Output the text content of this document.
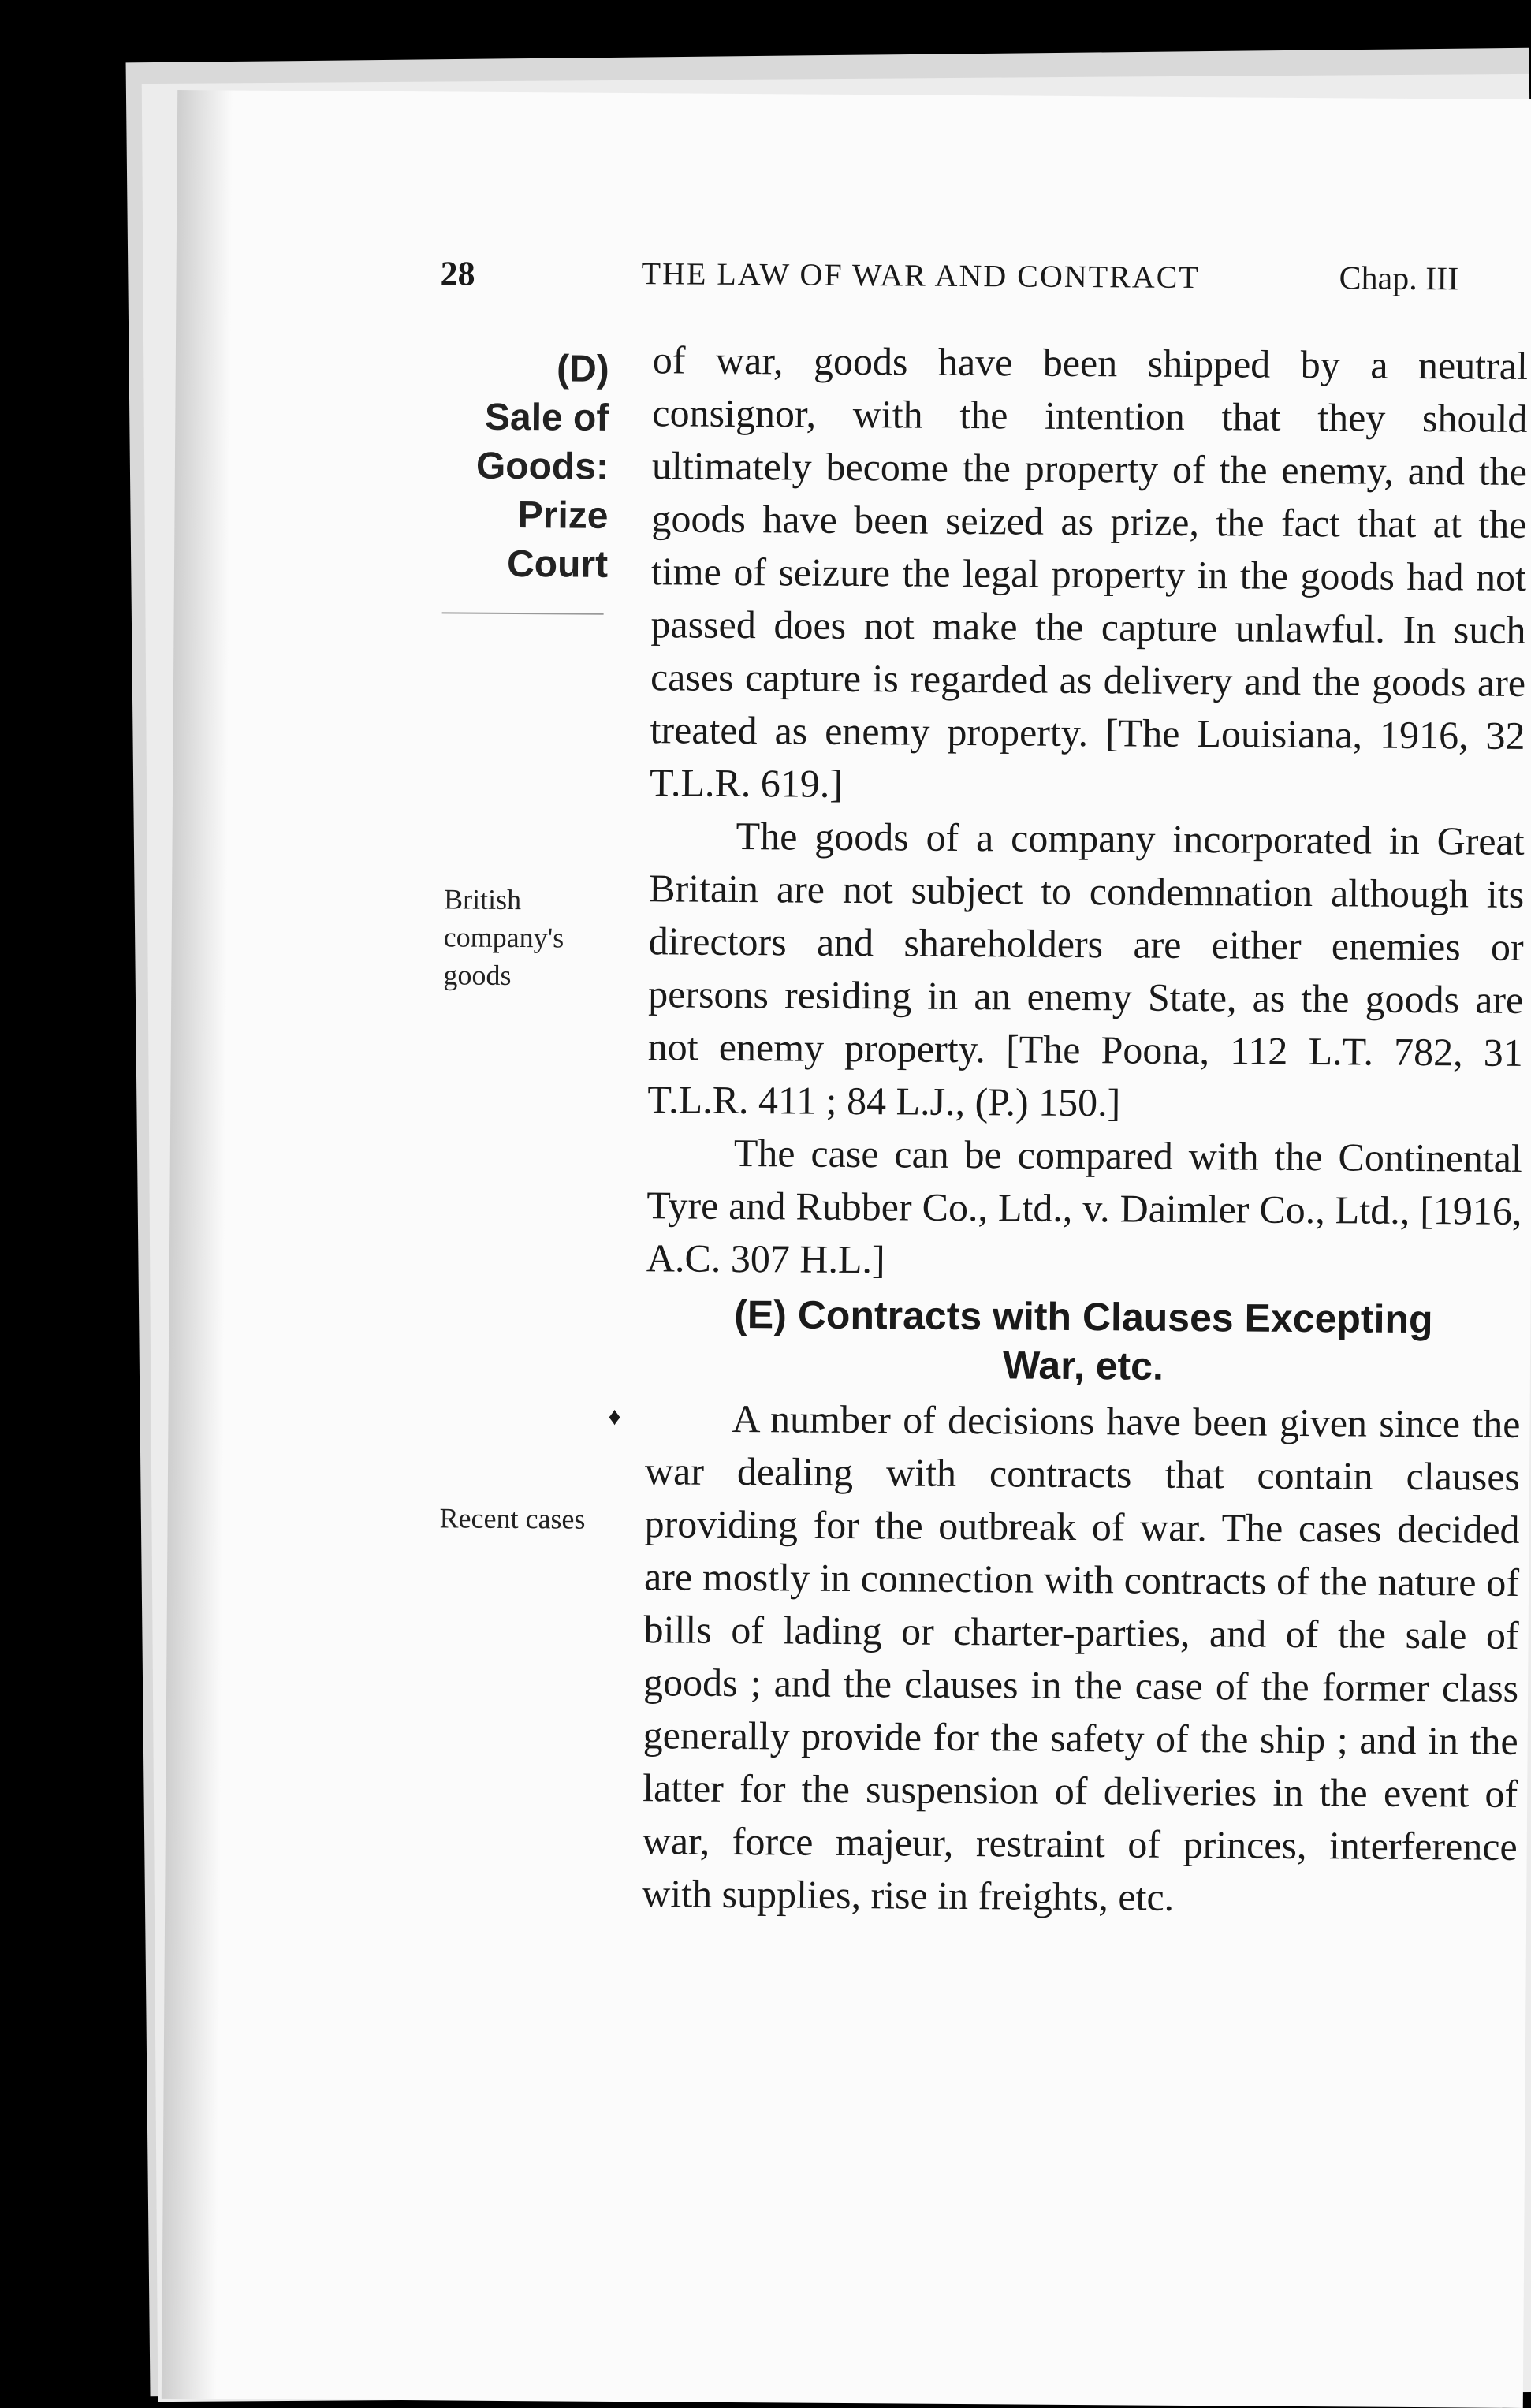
28	THE LAW OF WAR AND CONTRACT	Chap. III
(D)
Sale of
Goods:
Prize
Court
British company's goods
Recent cases
♦

of war, goods have been shipped by a neutral consignor, with the intention that they should ultimately become the property of the enemy, and the goods have been seized as prize, the fact that at the time of seizure the legal property in the goods had not passed does not make the capture unlawful. In such cases capture is regarded as delivery and the goods are treated as enemy property. [The Louisiana, 1916, 32 T.L.R. 619.]

The goods of a company incorporated in Great Britain are not subject to condemnation although its directors and shareholders are either enemies or persons residing in an enemy State, as the goods are not enemy property. [The Poona, 112 L.T. 782, 31 T.L.R. 411 ; 84 L.J., (P.) 150.]

The case can be compared with the Continental Tyre and Rubber Co., Ltd., v. Daimler Co., Ltd., [1916, A.C. 307 H.L.]

(E) Contracts with Clauses Excepting
War, etc.

A number of decisions have been given since the war dealing with contracts that contain clauses providing for the outbreak of war. The cases decided are mostly in connection with contracts of the nature of bills of lading or charter-parties, and of the sale of goods ; and the clauses in the case of the former class generally provide for the safety of the ship ; and in the latter for the suspension of deliveries in the event of war, force majeur, restraint of princes, interference with supplies, rise in freights, etc.
